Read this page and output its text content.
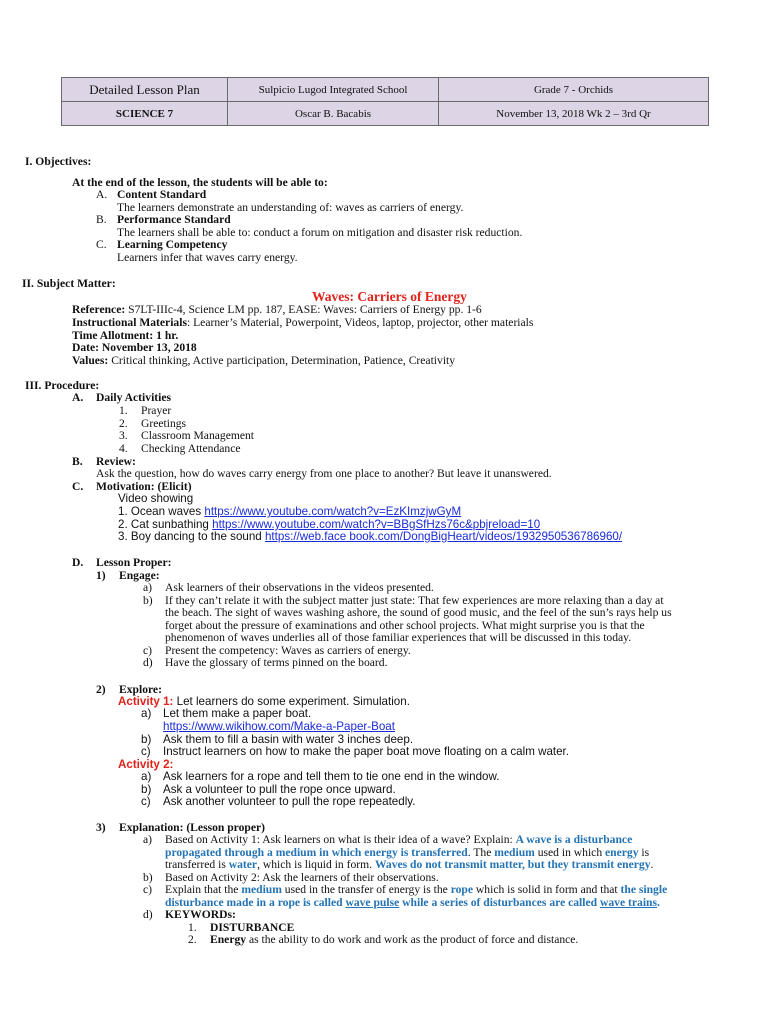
Detailed Lesson Plan	Sulpicio Lugod Integrated School	Grade 7 - Orchids
SCIENCE 7	Oscar B. Bacabis	November 13, 2018 Wk 2 – 3rd Qr
I. Objectives:
At the end of the lesson, the students will be able to:
A. Content Standard
The learners demonstrate an understanding of: waves as carriers of energy.
B. Performance Standard
The learners shall be able to: conduct a forum on mitigation and disaster risk reduction.
C. Learning Competency
Learners infer that waves carry energy.
II. Subject Matter:
Waves: Carriers of Energy
Reference: S7LT-IIIc-4, Science LM pp. 187, EASE: Waves: Carriers of Energy pp. 1-6
Instructional Materials: Learner’s Material, Powerpoint, Videos, laptop, projector, other materials
Time Allotment: 1 hr.
Date: November 13, 2018
Values: Critical thinking, Active participation, Determination, Patience, Creativity
III. Procedure:
A. Daily Activities
1. Prayer
2. Greetings
3. Classroom Management
4. Checking Attendance
B. Review:
Ask the question, how do waves carry energy from one place to another? But leave it unanswered.
C. Motivation: (Elicit)
Video showing
1. Ocean waves https://www.youtube.com/watch?v=EzKImzjwGyM
2. Cat sunbathing https://www.youtube.com/watch?v=BBgSfHzs76c&pbjreload=10
3. Boy dancing to the sound https://web.face book.com/DongBigHeart/videos/1932950536786960/
D. Lesson Proper:
1) Engage:
a) Ask learners of their observations in the videos presented.
b) If they can’t relate it with the subject matter just state: That few experiences are more relaxing than a day at
the beach. The sight of waves washing ashore, the sound of good music, and the feel of the sun’s rays help us
forget about the pressure of examinations and other school projects. What might surprise you is that the
phenomenon of waves underlies all of those familiar experiences that will be discussed in this today.
c) Present the competency: Waves as carriers of energy.
d) Have the glossary of terms pinned on the board.
2) Explore:
Activity 1: Let learners do some experiment. Simulation.
a) Let them make a paper boat.
https://www.wikihow.com/Make-a-Paper-Boat
b) Ask them to fill a basin with water 3 inches deep.
c) Instruct learners on how to make the paper boat move floating on a calm water.
Activity 2:
a) Ask learners for a rope and tell them to tie one end in the window.
b) Ask a volunteer to pull the rope once upward.
c) Ask another volunteer to pull the rope repeatedly.
3) Explanation: (Lesson proper)
a) Based on Activity 1: Ask learners on what is their idea of a wave? Explain: A wave is a disturbance
propagated through a medium in which energy is transferred. The medium used in which energy is
transferred is water, which is liquid in form. Waves do not transmit matter, but they transmit energy.
b) Based on Activity 2: Ask the learners of their observations.
c) Explain that the medium used in the transfer of energy is the rope which is solid in form and that the single
disturbance made in a rope is called wave pulse while a series of disturbances are called wave trains.
d) KEYWORDs:
1. DISTURBANCE
2. Energy as the ability to do work and work as the product of force and distance.
